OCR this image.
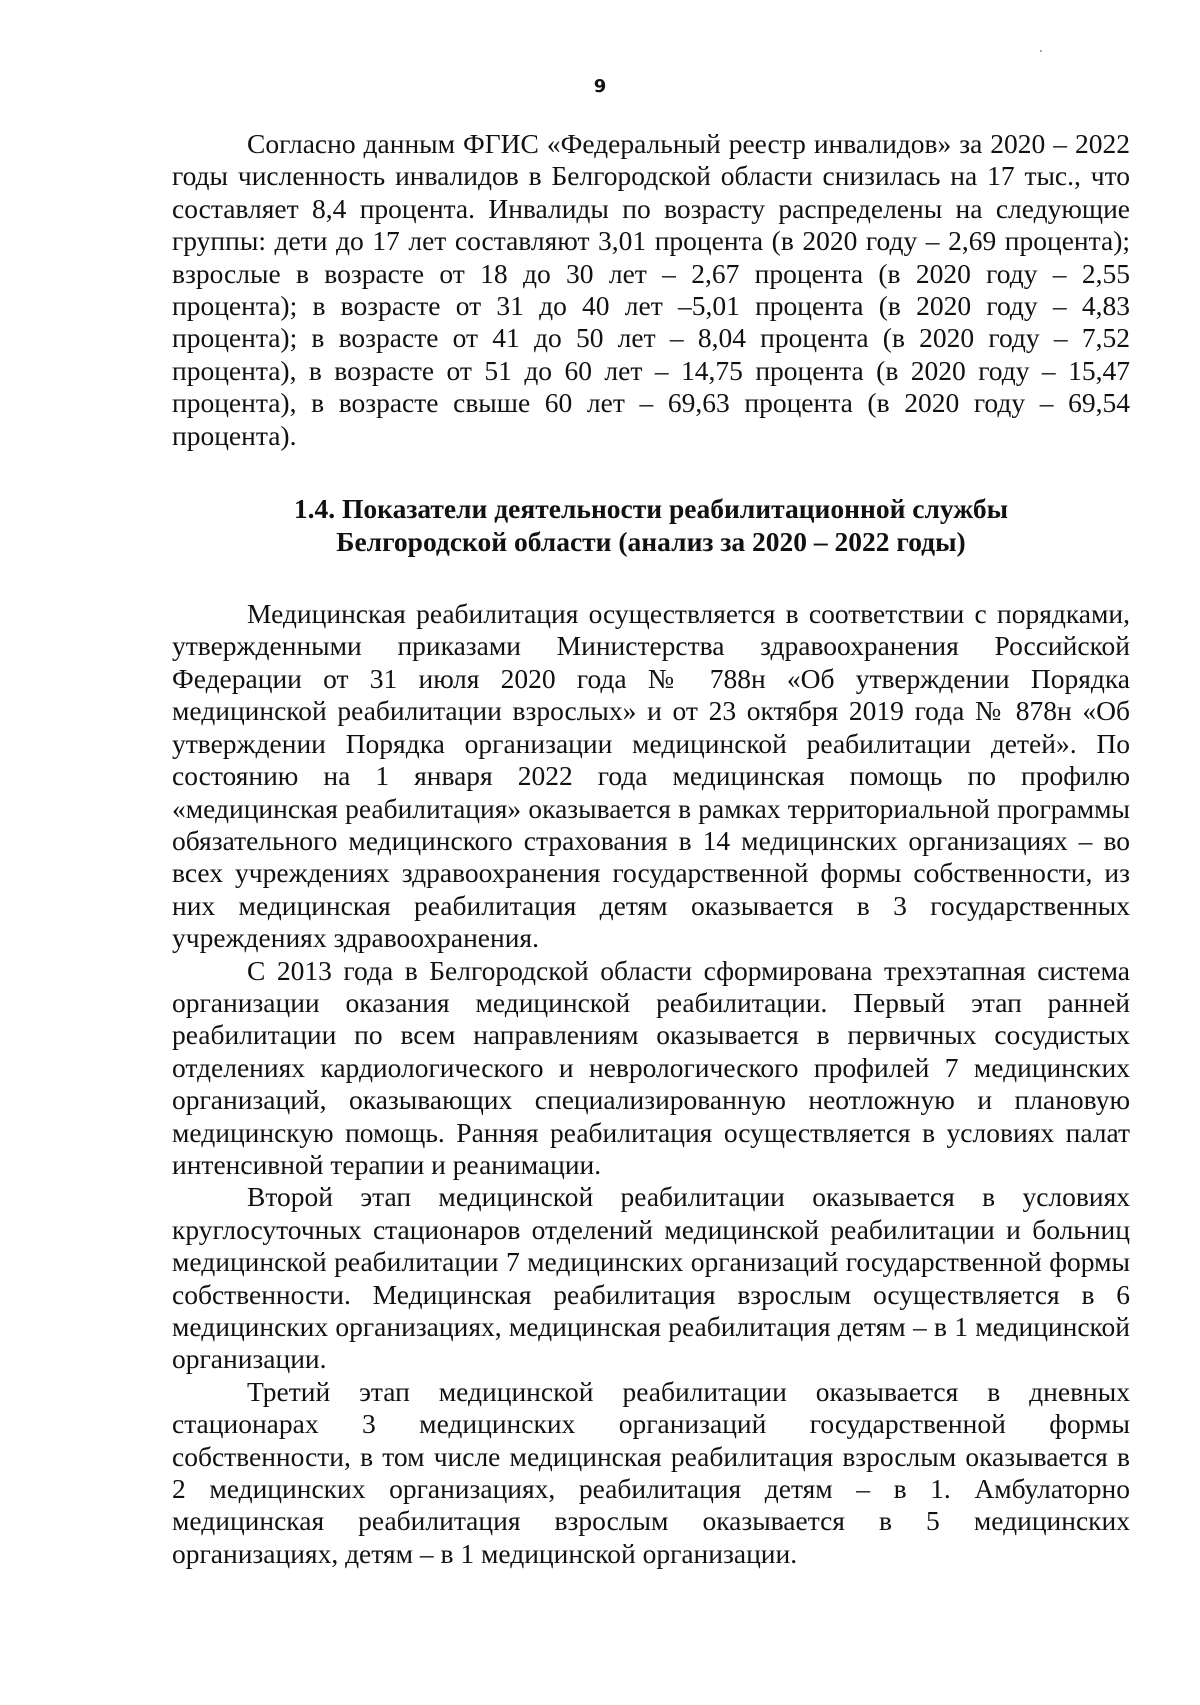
9

Согласно данным ФГИС «Федеральный реестр инвалидов» за 2020 – 2022 годы численность инвалидов в Белгородской области снизилась на 17 тыс., что составляет 8,4 процента. Инвалиды по возрасту распределены на следующие группы: дети до 17 лет составляют 3,01 процента (в 2020 году – 2,69 процента); взрослые в возрасте от 18 до 30 лет – 2,67 процента (в 2020 году – 2,55 процента); в возрасте от 31 до 40 лет –5,01 процента (в 2020 году – 4,83 процента); в возрасте от 41 до 50 лет – 8,04 процента (в 2020 году – 7,52 процента), в возрасте от 51 до 60 лет – 14,75 процента (в 2020 году – 15,47 процента), в возрасте свыше 60 лет – 69,63 процента (в 2020 году – 69,54 процента).

1.4. Показатели деятельности реабилитационной службы
Белгородской области (анализ за 2020 – 2022 годы)

Медицинская реабилитация осуществляется в соответствии с порядками, утвержденными приказами Министерства здравоохранения Российской Федерации от 31 июля 2020 года № 788н «Об утверждении Порядка медицинской реабилитации взрослых» и от 23 октября 2019 года № 878н «Об утверждении Порядка организации медицинской реабилитации детей». По состоянию на 1 января 2022 года медицинская помощь по профилю «медицинская реабилитация» оказывается в рамках территориальной программы обязательного медицинского страхования в 14 медицинских организациях – во всех учреждениях здравоохранения государственной формы собственности, из них медицинская реабилитация детям оказывается в 3 государственных учреждениях здравоохранения.

С 2013 года в Белгородской области сформирована трехэтапная система организации оказания медицинской реабилитации. Первый этап ранней реабилитации по всем направлениям оказывается в первичных сосудистых отделениях кардиологического и неврологического профилей 7 медицинских организаций, оказывающих специализированную неотложную и плановую медицинскую помощь. Ранняя реабилитация осуществляется в условиях палат интенсивной терапии и реанимации.

Второй этап медицинской реабилитации оказывается в условиях круглосуточных стационаров отделений медицинской реабилитации и больниц медицинской реабилитации 7 медицинских организаций государственной формы собственности. Медицинская реабилитация взрослым осуществляется в 6 медицинских организациях, медицинская реабилитация детям – в 1 медицинской организации.

Третий этап медицинской реабилитации оказывается в дневных стационарах 3 медицинских организаций государственной формы собственности, в том числе медицинская реабилитация взрослым оказывается в 2 медицинских организациях, реабилитация детям – в 1. Амбулаторно медицинская реабилитация взрослым оказывается в 5 медицинских организациях, детям – в 1 медицинской организации.
